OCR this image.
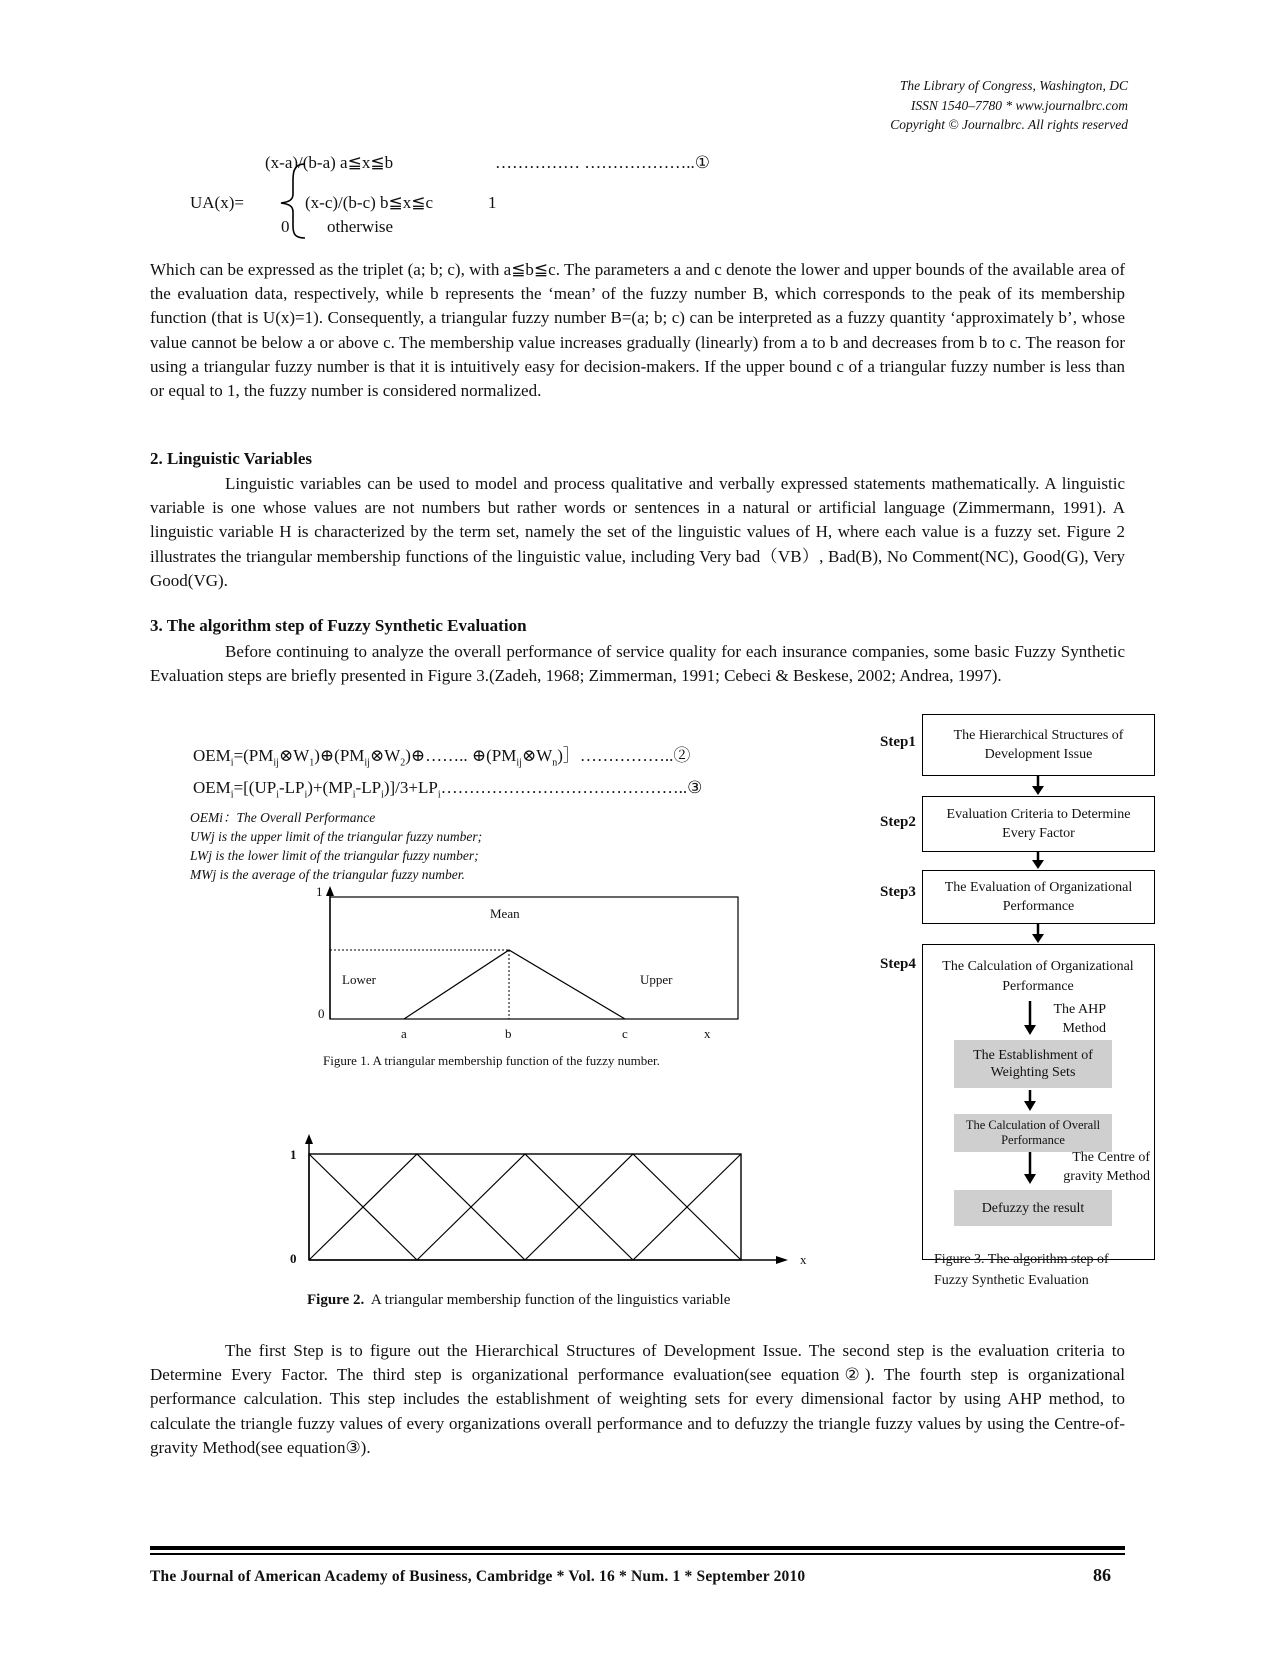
The Library of Congress, Washington, DC
ISSN 1540–7780 * www.journalbrc.com
Copyright © Journalbrc. All rights reserved
(x-a)/(b-a) a≦x≦b	…………… ………………..①
UA(x)=	(x-c)/(b-c) b≦x≦c	1
0 otherwise
Which can be expressed as the triplet (a; b; c), with a≦b≦c. The parameters a and c denote the lower and upper bounds of the available area of the evaluation data, respectively, while b represents the ‘mean’ of the fuzzy number B, which corresponds to the peak of its membership function (that is U(x)=1). Consequently, a triangular fuzzy number B=(a; b; c) can be interpreted as a fuzzy quantity ‘approximately b’, whose value cannot be below a or above c. The membership value increases gradually (linearly) from a to b and decreases from b to c. The reason for using a triangular fuzzy number is that it is intuitively easy for decision-makers. If the upper bound c of a triangular fuzzy number is less than or equal to 1, the fuzzy number is considered normalized.
2. Linguistic Variables
Linguistic variables can be used to model and process qualitative and verbally expressed statements mathematically. A linguistic variable is one whose values are not numbers but rather words or sentences in a natural or artificial language (Zimmermann, 1991). A linguistic variable H is characterized by the term set, namely the set of the linguistic values of H, where each value is a fuzzy set. Figure 2 illustrates the triangular membership functions of the linguistic value, including Very bad（VB）, Bad(B), No Comment(NC), Good(G), Very Good(VG).
3. The algorithm step of Fuzzy Synthetic Evaluation
Before continuing to analyze the overall performance of service quality for each insurance companies, some basic Fuzzy Synthetic Evaluation steps are briefly presented in Figure 3.(Zadeh, 1968; Zimmerman, 1991; Cebeci & Beskese, 2002; Andrea, 1997).
$OEM_i=(PM_{ij}\otimes W_1)\oplus(PM_{ij}\otimes W_2)\oplus\dots\dots$.. $\oplus(PM_{ij}\otimes W_n)]\dots\dots\dots\dots\dots..②$
$OEM_i=[(UP_i-LP_i)+(MP_i-LP_i)]/3+LP_i\dots\dots\dots\dots\dots\dots\dots\dots\dots\dots\dots\dots\dots\dots..③$
OEMi：The Overall Performance
UWj is the upper limit of the triangular fuzzy number;
LWj is the lower limit of the triangular fuzzy number;
MWj is the average of the triangular fuzzy number.
1
0
Mean
Lower	Upper
a	b	c	x
Figure 1. A triangular membership function of the fuzzy number.
1
0	x
Figure 2.  A triangular membership function of the linguistics variable
Step1	The Hierarchical Structures of Development Issue
Step2	Evaluation Criteria to Determine Every Factor
Step3	The Evaluation of Organizational Performance
Step4	The Calculation of Organizational Performance
The AHP Method
The Establishment of Weighting Sets
The Calculation of Overall Performance
The Centre of gravity Method
Defuzzy the result
Figure 3. The algorithm step of
Fuzzy Synthetic Evaluation
The first Step is to figure out the Hierarchical Structures of Development Issue. The second step is the evaluation criteria to Determine Every Factor. The third step is organizational performance evaluation(see equation②). The fourth step is organizational performance calculation. This step includes the establishment of weighting sets for every dimensional factor by using AHP method, to calculate the triangle fuzzy values of every organizations overall performance and to defuzzy the triangle fuzzy values by using the Centre-of-gravity Method(see equation③).
The Journal of American Academy of Business, Cambridge * Vol. 16 * Num. 1 * September 2010	86
